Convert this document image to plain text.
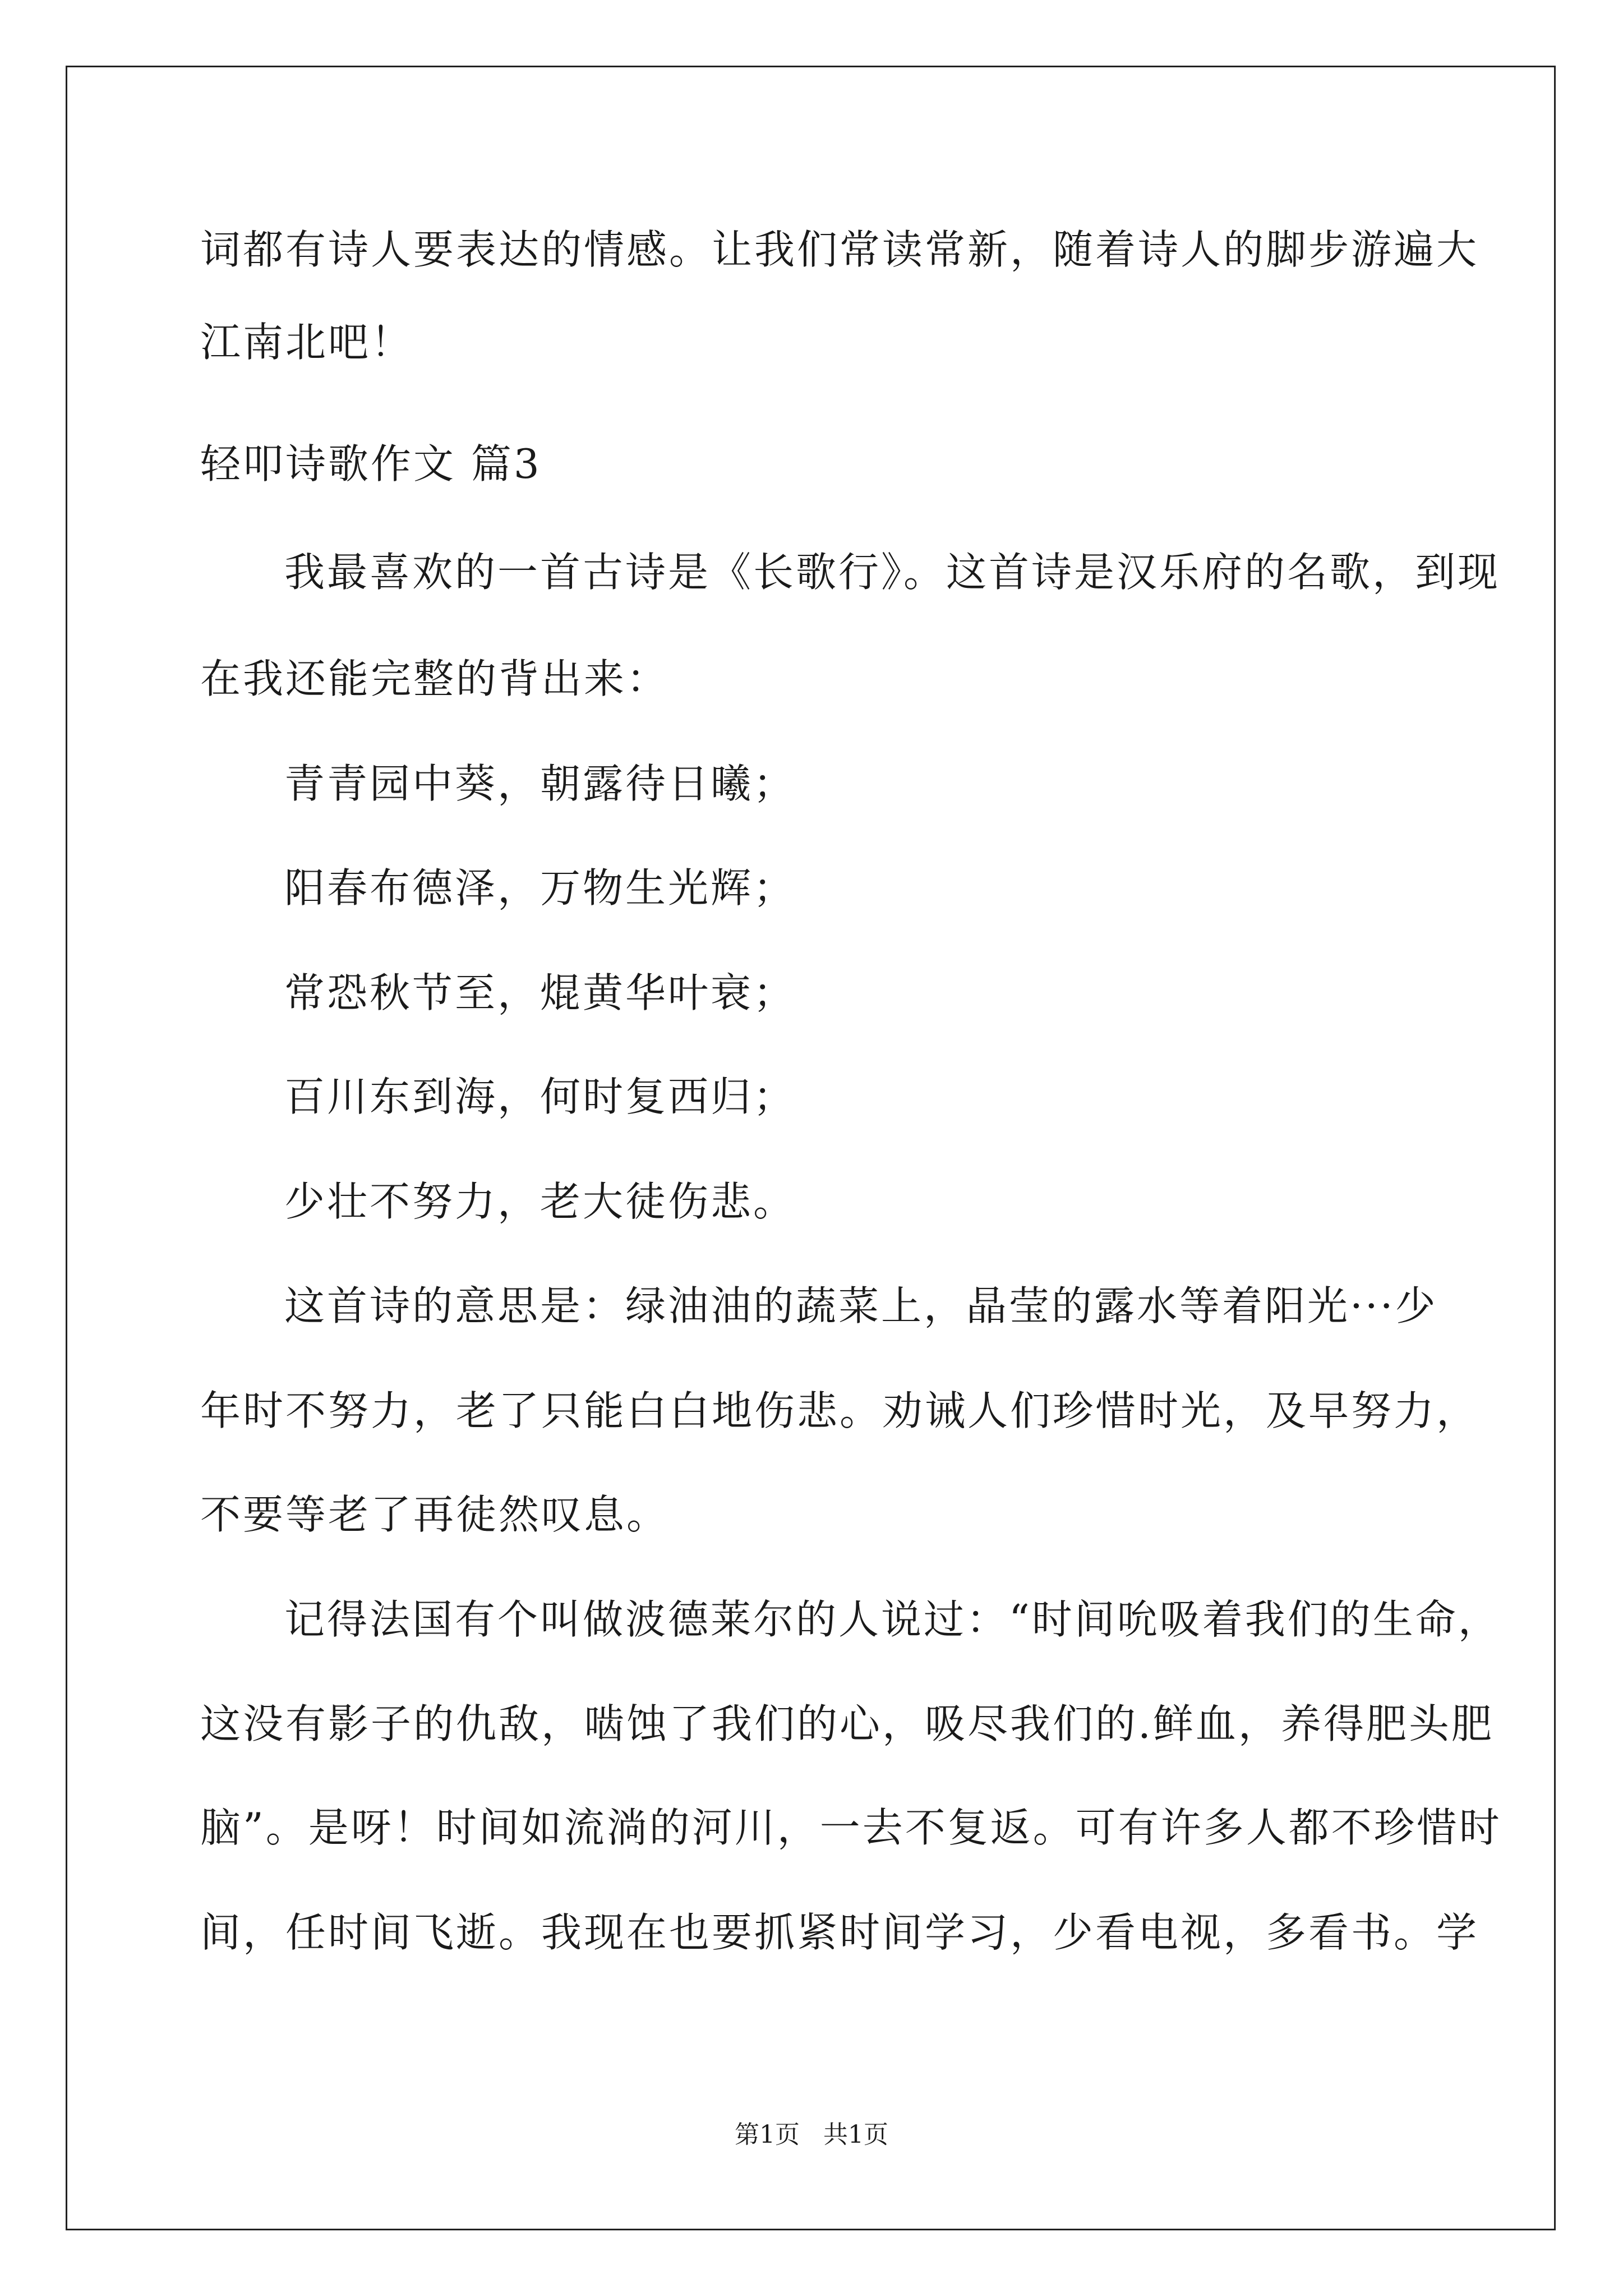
词都有诗人要表达的情感。让我们常读常新，随着诗人的脚步游遍大
江南北吧！
轻叩诗歌作文 篇3
我最喜欢的一首古诗是《长歌行》。这首诗是汉乐府的名歌，到现
在我还能完整的背出来：
青青园中葵，朝露待日曦；
阳春布德泽，万物生光辉；
常恐秋节至，焜黄华叶衰；
百川东到海，何时复西归；
少壮不努力，老大徒伤悲。
这首诗的意思是：绿油油的蔬菜上，晶莹的露水等着阳光···少
年时不努力，老了只能白白地伤悲。劝诫人们珍惜时光，及早努力，
不要等老了再徒然叹息。
记得法国有个叫做波德莱尔的人说过：“时间吮吸着我们的生命，
这没有影子的仇敌，啮蚀了我们的心，吸尽我们的.鲜血，养得肥头肥
脑”。是呀！时间如流淌的河川，一去不复返。可有许多人都不珍惜时
间，任时间飞逝。我现在也要抓紧时间学习，少看电视，多看书。学
第1页 共1页
